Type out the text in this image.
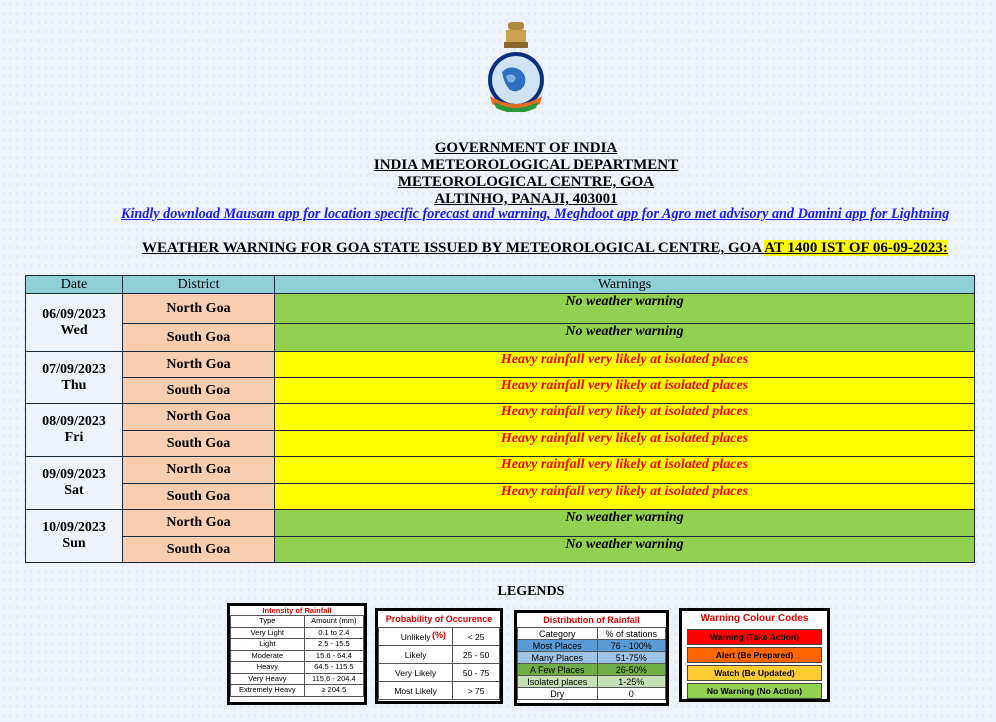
GOVERNMENT OF INDIA
INDIA METEOROLOGICAL DEPARTMENT
METEOROLOGICAL CENTRE, GOA
ALTINHO, PANAJI, 403001
Kindly download Mausam app for location specific forecast and warning, Meghdoot app for Agro met advisory and Damini app for Lightning
WEATHER WARNING FOR GOA STATE ISSUED BY METEOROLOGICAL CENTRE, GOA AT 1400 IST OF 06-09-2023:
Date	District	Warnings
06/09/2023
Wed	North Goa	No weather warning
	South Goa	No weather warning
07/09/2023
Thu	North Goa	Heavy rainfall very likely at isolated places
	South Goa	Heavy rainfall very likely at isolated places
08/09/2023
Fri	North Goa	Heavy rainfall very likely at isolated places
	South Goa	Heavy rainfall very likely at isolated places
09/09/2023
Sat	North Goa	Heavy rainfall very likely at isolated places
	South Goa	Heavy rainfall very likely at isolated places
10/09/2023
Sun	North Goa	No weather warning
	South Goa	No weather warning
LEGENDS
Intensity of Rainfall
Type	Amount (mm)
Very Light	0.1 to 2.4
Light	2.5 - 15.5
Moderate	15.6 - 64.4
Heavy	64.5 - 115.5
Very Heavy	115.6 - 204.4
Extremely Heavy	≥ 204.5
Probability of Occurence (%)
Unlikely	< 25
Likely	25 - 50
Very Likely	50 - 75
Most Likely	> 75
Distribution of Rainfall
Category	% of stations
Most Places	76 - 100%
Many Places	51-75%
A Few Places	26-50%
Isolated places	1-25%
Dry	0
Warning Colour Codes
Warning (Take Action)
Alert (Be Prepared)
Watch (Be Updated)
No Warning (No Action)
